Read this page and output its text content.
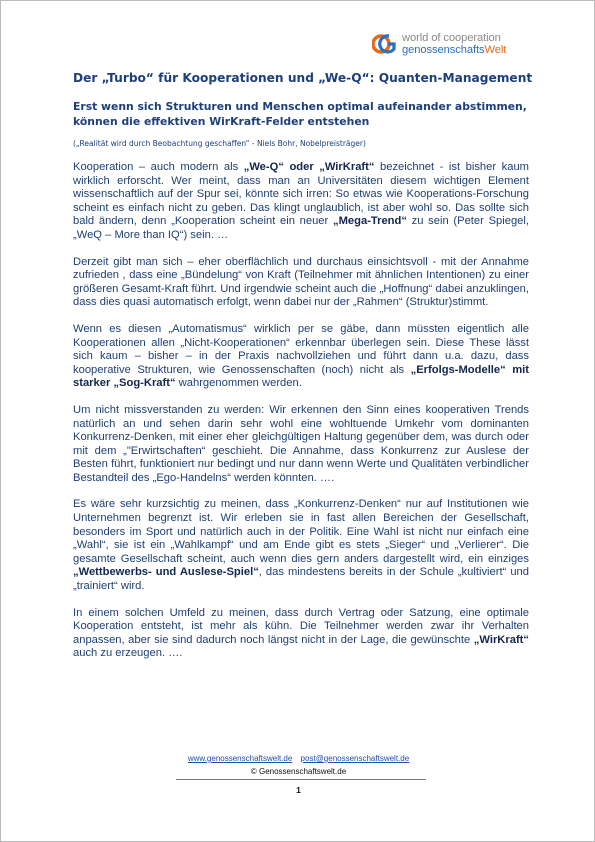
world of cooperation
genossenschaftsWelt
Der „Turbo“ für Kooperationen und „We-Q“: Quanten-Management
Erst wenn sich Strukturen und Menschen optimal aufeinander abstimmen, können die effektiven WirKraft-Felder entstehen
(„Realität wird durch Beobachtung geschaffen“ - Niels Bohr, Nobelpreisträger)

Kooperation – auch modern als „We-Q“ oder „WirKraft“ bezeichnet - ist bisher kaum wirklich erforscht. Wer meint, dass man an Universitäten diesem wichtigen Element wissenschaftlich auf der Spur sei, könnte sich irren: So etwas wie Kooperations-Forschung scheint es einfach nicht zu geben. Das klingt unglaublich, ist aber wohl so. Das sollte sich bald ändern, denn „Kooperation scheint ein neuer „Mega-Trend“ zu sein (Peter Spiegel, „WeQ – More than IQ“) sein. …

Derzeit gibt man sich – eher oberflächlich und durchaus einsichtsvoll - mit der Annahme zufrieden , dass eine „Bündelung“ von Kraft (Teilnehmer mit ähnlichen Intentionen) zu einer größeren Gesamt-Kraft führt. Und irgendwie scheint auch die „Hoffnung“ dabei anzuklingen, dass dies quasi automatisch erfolgt, wenn dabei nur der „Rahmen“ (Struktur)stimmt.

Wenn es diesen „Automatismus“ wirklich per se gäbe, dann müssten eigentlich alle Kooperationen allen „Nicht-Kooperationen“ erkennbar überlegen sein. Diese These lässt sich kaum – bisher – in der Praxis nachvollziehen und führt dann u.a. dazu, dass kooperative Strukturen, wie Genossenschaften (noch) nicht als „Erfolgs-Modelle“ mit starker „Sog-Kraft“ wahrgenommen werden.

Um nicht missverstanden zu werden: Wir erkennen den Sinn eines kooperativen Trends natürlich an und sehen darin sehr wohl eine wohltuende Umkehr vom dominanten Konkurrenz-Denken, mit einer eher gleichgültigen Haltung gegenüber dem, was durch oder mit dem „"Erwirtschaften“ geschieht. Die Annahme, dass Konkurrenz zur Auslese der Besten führt, funktioniert nur bedingt und nur dann wenn Werte und Qualitäten verbindlicher Bestandteil des „Ego-Handelns“ werden könnten. ….

Es wäre sehr kurzsichtig zu meinen, dass „Konkurrenz-Denken“ nur auf Institutionen wie Unternehmen begrenzt ist. Wir erleben sie in fast allen Bereichen der Gesellschaft, besonders im Sport und natürlich auch in der Politik. Eine Wahl ist nicht nur einfach eine „Wahl“, sie ist ein „Wahlkampf“ und am Ende gibt es stets „Sieger“ und „Verlierer“. Die gesamte Gesellschaft scheint, auch wenn dies gern anders dargestellt wird, ein einziges „Wettbewerbs- und Auslese-Spiel“, das mindestens bereits in der Schule „kultiviert“ und „trainiert“ wird.

In einem solchen Umfeld zu meinen, dass durch Vertrag oder Satzung, eine optimale Kooperation entsteht, ist mehr als kühn. Die Teilnehmer werden zwar ihr Verhalten anpassen, aber sie sind dadurch noch längst nicht in der Lage, die gewünschte „WirKraft“ auch zu erzeugen. ….

www.genossenschaftswelt.de post@genossenschaftswelt.de
© Genossenschaftswelt.de
1
